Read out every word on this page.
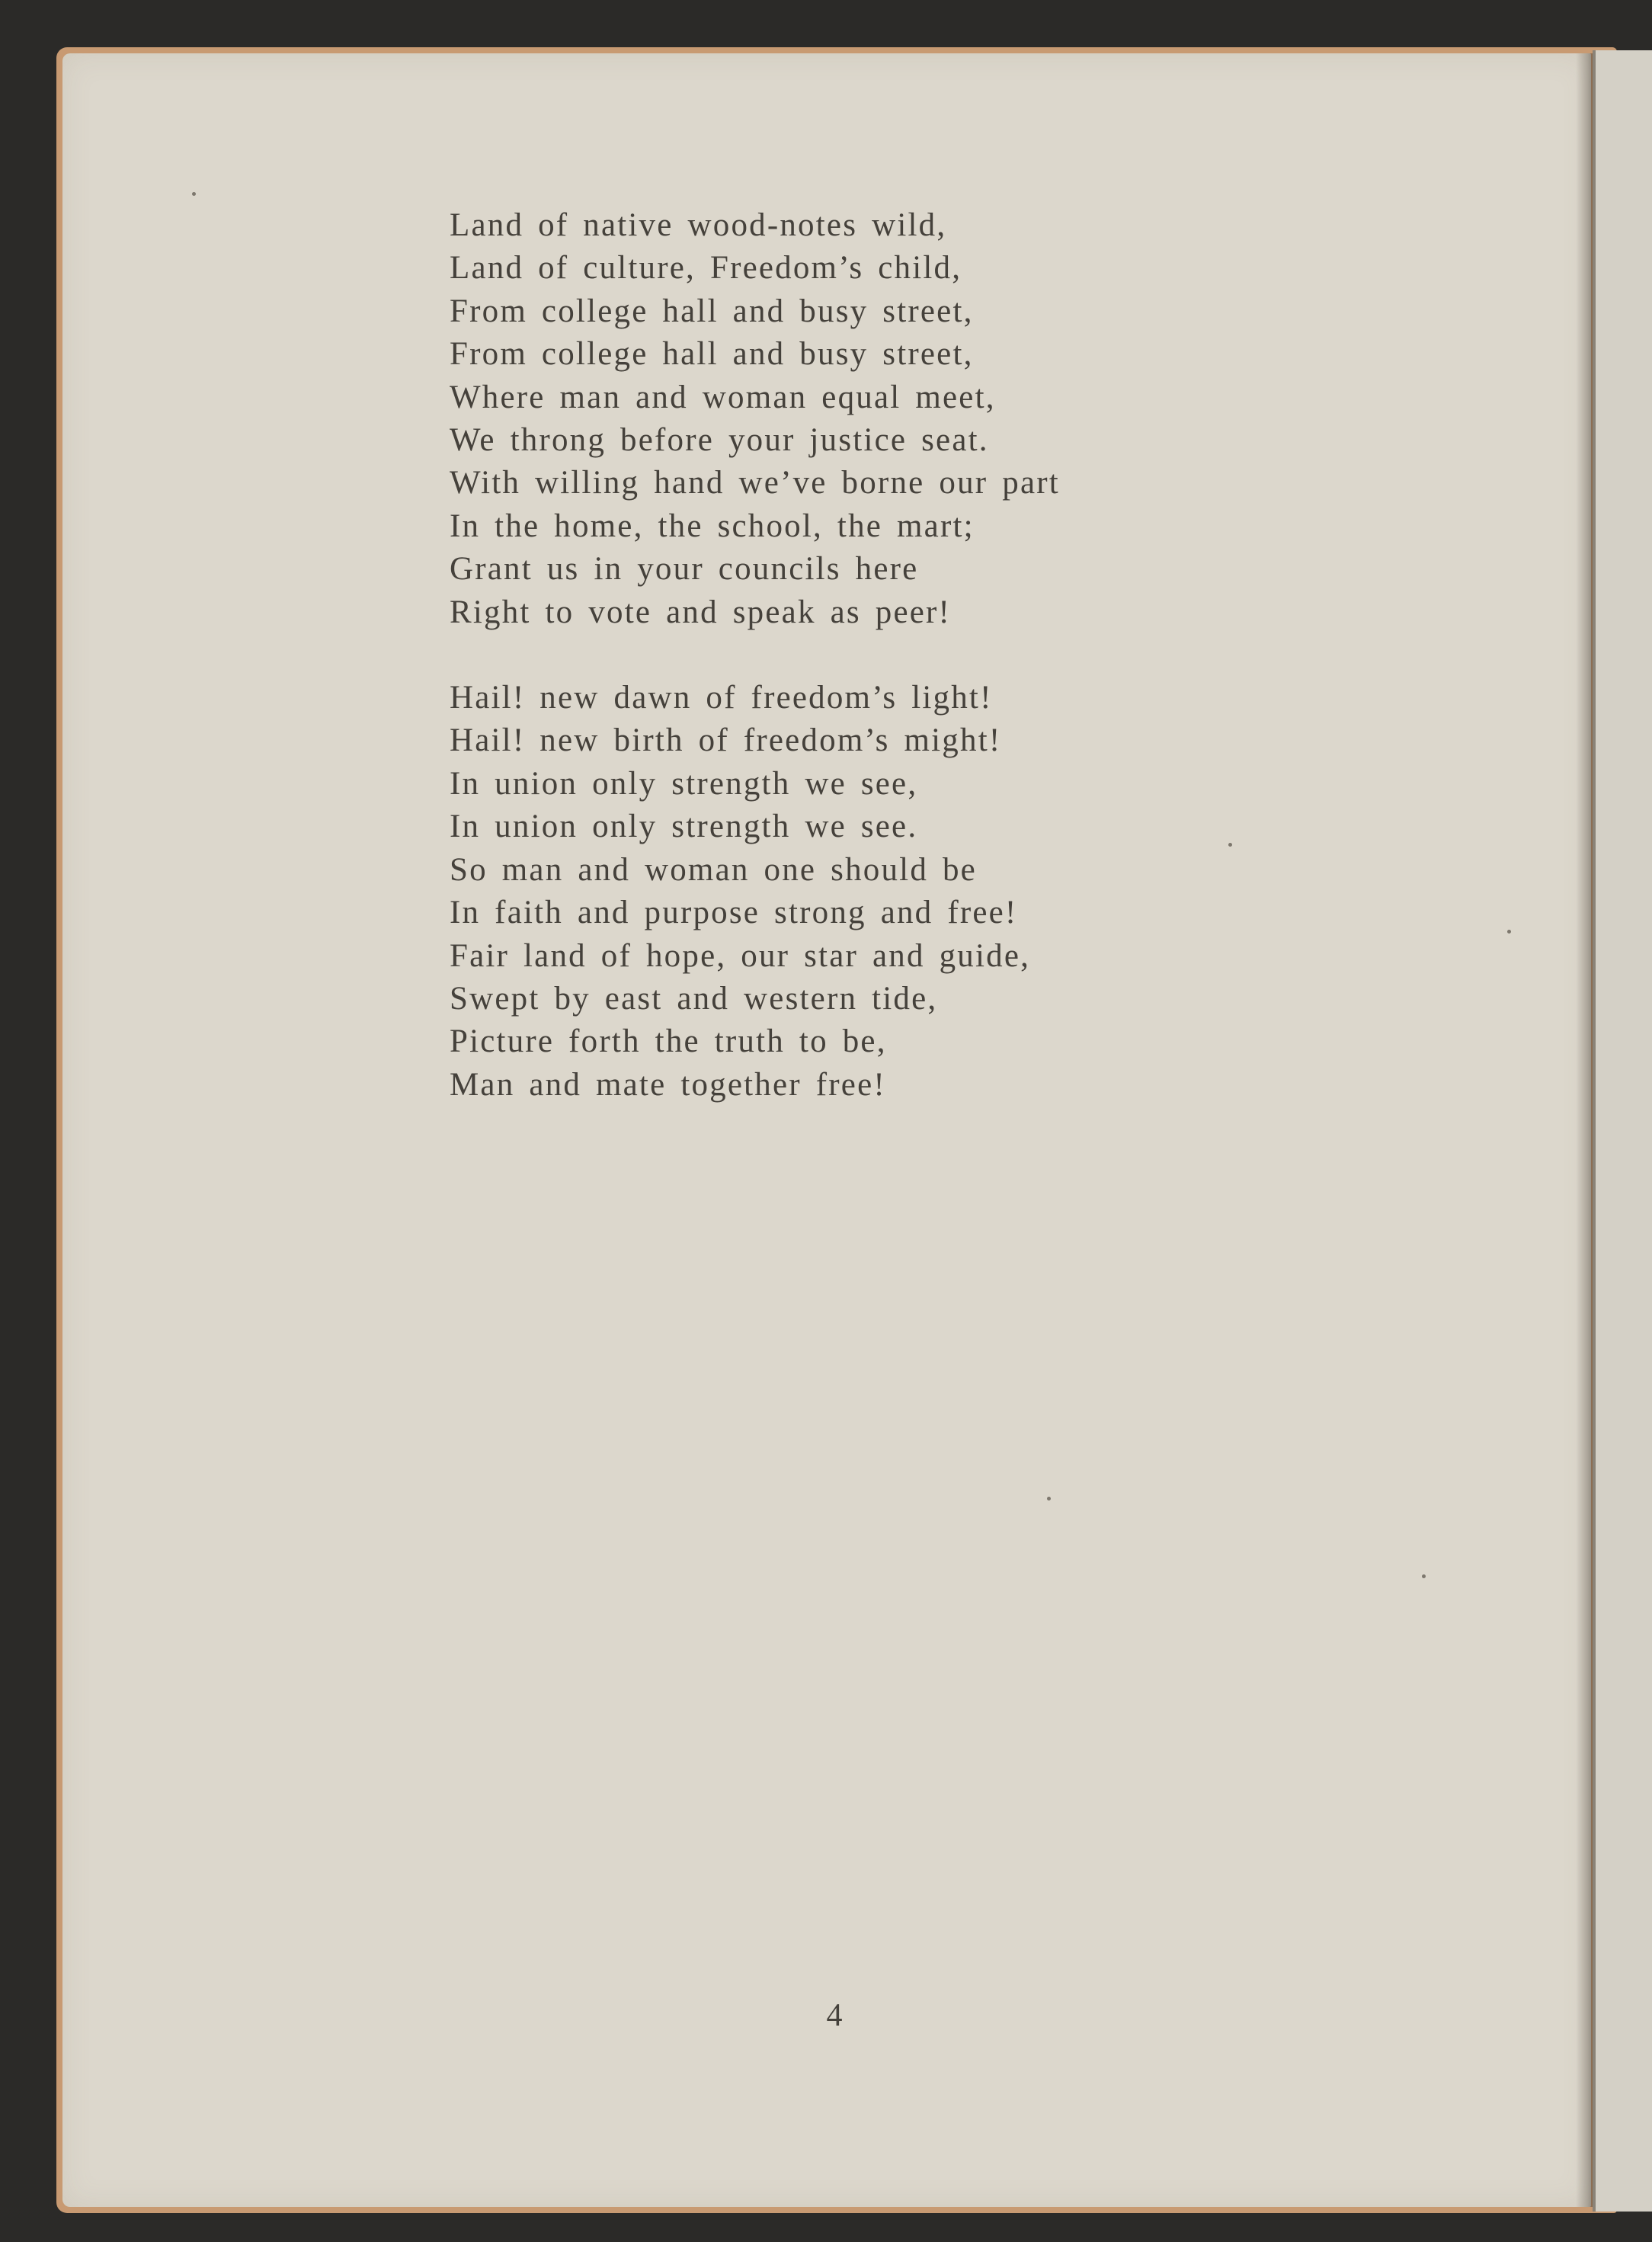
Land of native wood-notes wild,
Land of culture, Freedom’s child,
From college hall and busy street,
From college hall and busy street,
Where man and woman equal meet,
We throng before your justice seat.
With willing hand we’ve borne our part
In the home, the school, the mart;
Grant us in your councils here
Right to vote and speak as peer!

Hail! new dawn of freedom’s light!
Hail! new birth of freedom’s might!
In union only strength we see,
In union only strength we see.
So man and woman one should be
In faith and purpose strong and free!
Fair land of hope, our star and guide,
Swept by east and western tide,
Picture forth the truth to be,
Man and mate together free!

4
